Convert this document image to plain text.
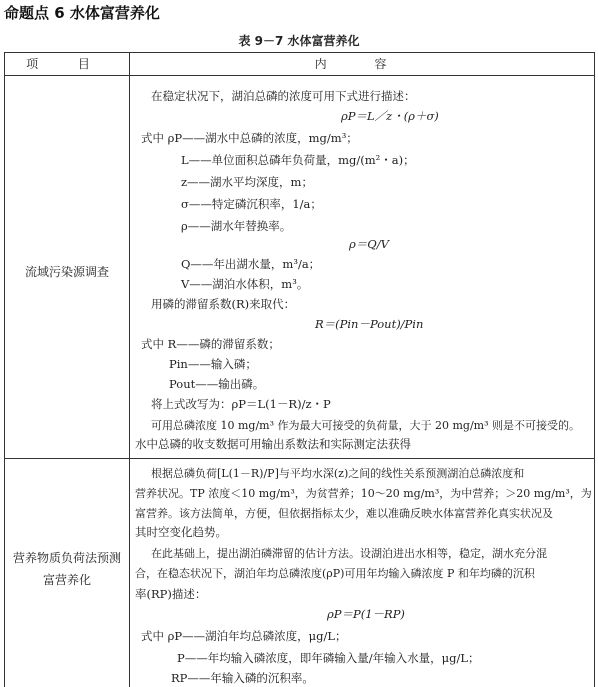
命题点 6 水体富营养化
表 9－7 水体富营养化
项 目	内 容
流域污染源调查
营养物质负荷法预测富营养化
在稳定状况下，湖泊总磷的浓度可用下式进行描述：
ρP＝L／z・(ρ＋σ)
式中 ρP——湖水中总磷的浓度，mg/m³；
L——单位面积总磷年负荷量，mg/(m²・a)；
z——湖水平均深度，m；
σ——特定磷沉积率，1/a；
ρ——湖水年替换率。
ρ＝Q/V
Q——年出湖水量，m³/a；
V——湖泊水体积，m³。
用磷的滞留系数(R)来取代：
R＝(Pin－Pout)/Pin
式中 R——磷的滞留系数；
Pin——输入磷；
Pout——输出磷。
将上式改写为：ρP＝L(1－R)/z・P
可用总磷浓度 10 mg/m³ 作为最大可接受的负荷量，大于 20 mg/m³ 则是不可接受的。
水中总磷的收支数据可用输出系数法和实际测定法获得
根据总磷负荷[L(1－R)/P]与平均水深(z)之间的线性关系预测湖泊总磷浓度和
营养状况。TP 浓度＜10 mg/m³，为贫营养；10～20 mg/m³，为中营养；＞20 mg/m³，为
富营养。该方法简单，方便，但依据指标太少，难以准确反映水体富营养化真实状况及
其时空变化趋势。
在此基础上，提出湖泊磷滞留的估计方法。设湖泊进出水相等，稳定，湖水充分混
合，在稳态状况下，湖泊年均总磷浓度(ρP)可用年均输入磷浓度 P 和年均磷的沉积
率(RP)描述：
ρP＝P(1－RP)
式中 ρP——湖泊年均总磷浓度，μg/L；
P——年均输入磷浓度，即年磷输入量/年输入水量，μg/L；
RP——年输入磷的沉积率。
